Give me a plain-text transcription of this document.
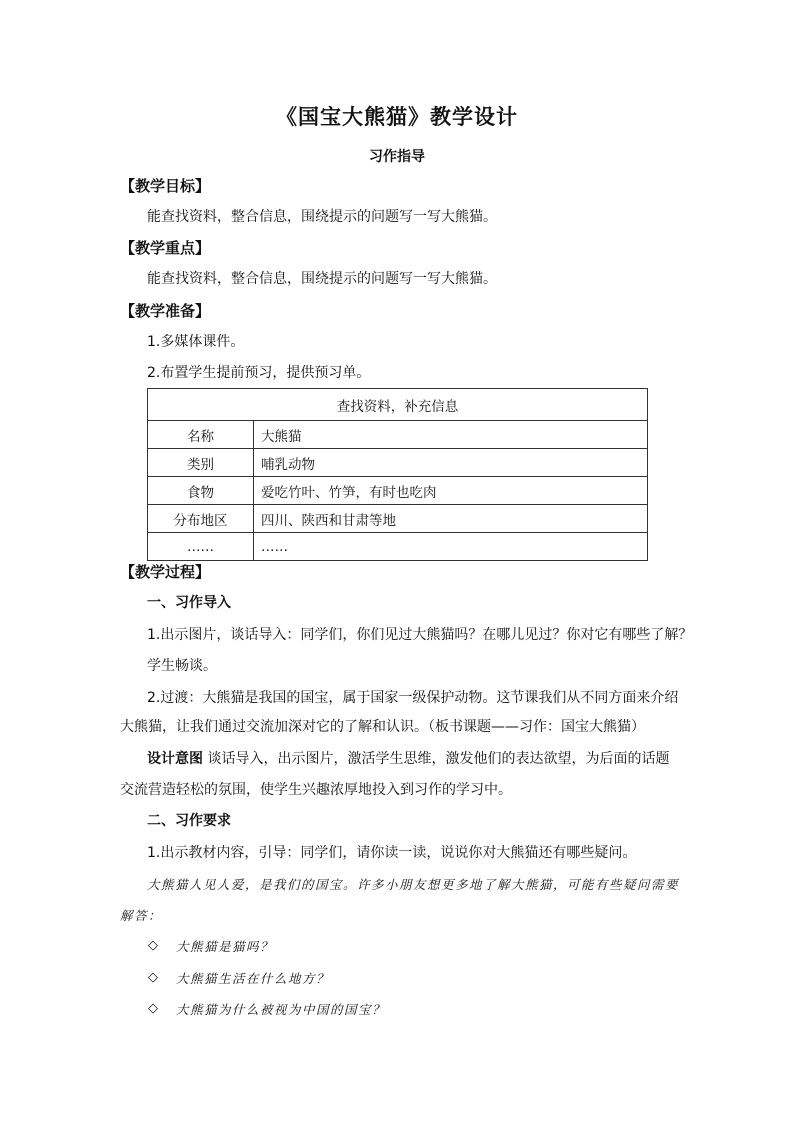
《国宝大熊猫》教学设计
习作指导
【教学目标】
能查找资料，整合信息，围绕提示的问题写一写大熊猫。
【教学重点】
能查找资料，整合信息，围绕提示的问题写一写大熊猫。
【教学准备】
1.多媒体课件。
2.布置学生提前预习，提供预习单。
查找资料，补充信息	
名称	大熊猫
类别	哺乳动物
食物	爱吃竹叶、竹笋，有时也吃肉
分布地区	四川、陕西和甘肃等地
……	……
【教学过程】
一、习作导入
1.出示图片，谈话导入：同学们，你们见过大熊猫吗？在哪儿见过？你对它有哪些了解？
学生畅谈。
2.过渡：大熊猫是我国的国宝，属于国家一级保护动物。这节课我们从不同方面来介绍
大熊猫，让我们通过交流加深对它的了解和认识。（板书课题——习作：国宝大熊猫）
设计意图 谈话导入，出示图片，激活学生思维，激发他们的表达欲望，为后面的话题
交流营造轻松的氛围，使学生兴趣浓厚地投入到习作的学习中。
二、习作要求
1.出示教材内容，引导：同学们，请你读一读，说说你对大熊猫还有哪些疑问。
大熊猫人见人爱，是我们的国宝。许多小朋友想更多地了解大熊猫，可能有些疑问需要
解答：
◇ 大熊猫是猫吗？
◇ 大熊猫生活在什么地方？
◇ 大熊猫为什么被视为中国的国宝？
